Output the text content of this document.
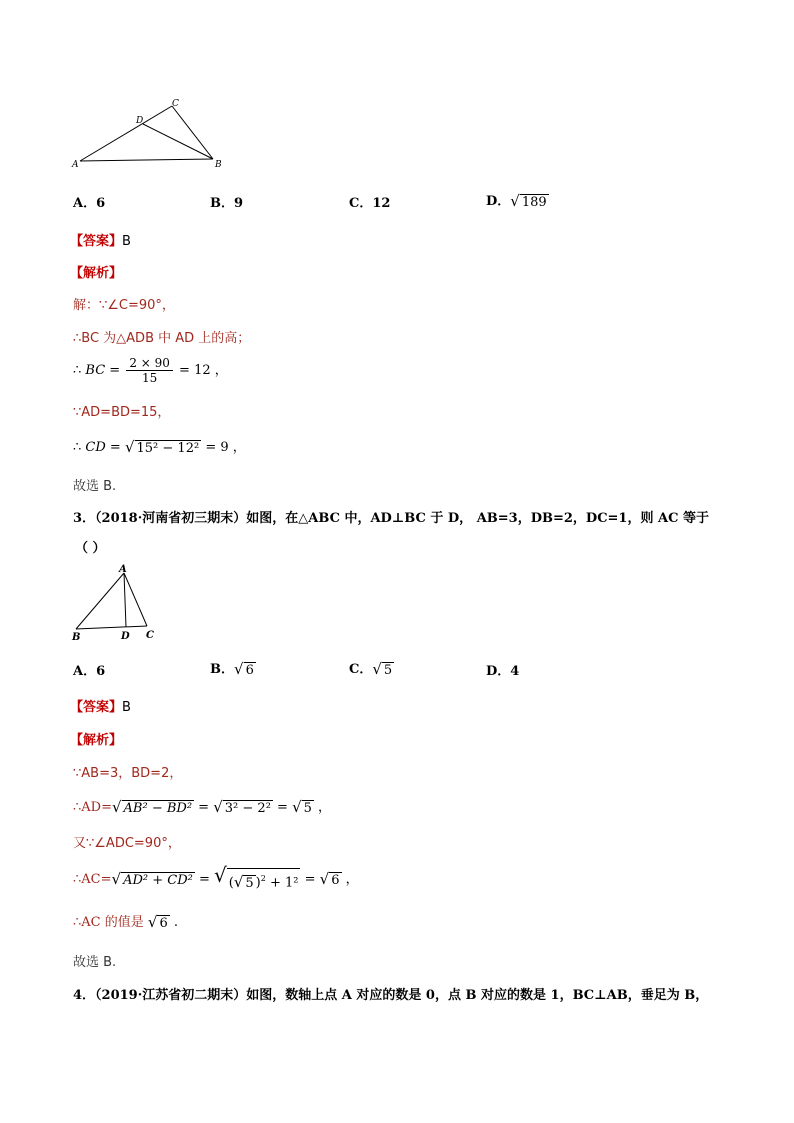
A	B
C
D
A．6	B．9	C．12	D． √ 189
【答案】B
【解析】
解：∵∠C=90°，
∴BC 为△ADB 中 AD 上的高；
∴ BC = $\frac{2 \times 90}{15} = 12$ ，
∵AD=BD=15，
∴ CD = √ 15² − 12² = 9 ，
故选 B.
3．（2018·河南省初三期末）如图，在△ABC 中，AD⊥BC 于 D， AB=3，DB=2，DC=1，则 AC 等于
（ ）
A
B	D C
A．6	B． √ 6	C． √ 5	D．4
【答案】B
【解析】
∵AB=3，BD=2，
∴AD= √ AB² − BD² = √ 3² − 2² = √ 5 ，
又∵∠ADC=90°，
∴AC= √ AD² + CD² = √ ( √ 5 )$^2$ + 1² = √ 6 ，
∴AC 的值是 √ 6 .
故选 B.
4．（2019·江苏省初二期末）如图，数轴上点 A 对应的数是 0，点 B 对应的数是 1，BC⊥AB，垂足为 B，
